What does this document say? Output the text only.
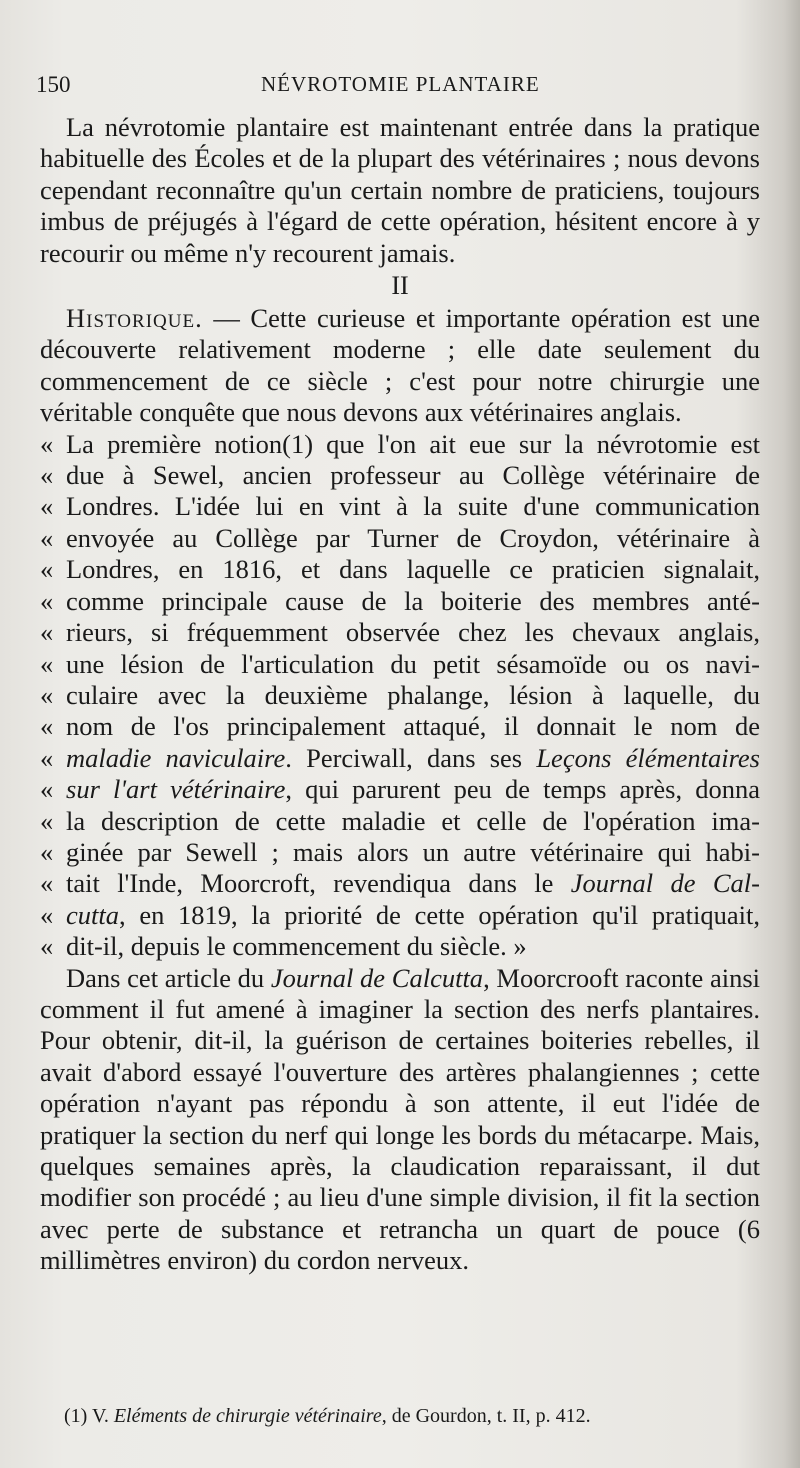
150	NÉVROTOMIE PLANTAIRE

La névrotomie plantaire est maintenant entrée dans la pratique habituelle des Écoles et de la plupart des vétérinaires ; nous devons cependant reconnaître qu'un certain nombre de praticiens, toujours imbus de préjugés à l'égard de cette opération, hésitent encore à y recourir ou même n'y recourent jamais.

II

Historique. — Cette curieuse et importante opération est une découverte relativement moderne ; elle date seulement du commencement de ce siècle ; c'est pour notre chirurgie une véritable conquête que nous devons aux vétérinaires anglais.

« La première notion(1) que l'on ait eue sur la névrotomie est
« due à Sewel, ancien professeur au Collège vétérinaire de
« Londres. L'idée lui en vint à la suite d'une communication
« envoyée au Collège par Turner de Croydon, vétérinaire à
« Londres, en 1816, et dans laquelle ce praticien signalait,
« comme principale cause de la boiterie des membres anté-
« rieurs, si fréquemment observée chez les chevaux anglais,
« une lésion de l'articulation du petit sésamoïde ou os navi-
« culaire avec la deuxième phalange, lésion à laquelle, du
« nom de l'os principalement attaqué, il donnait le nom de
« maladie naviculaire. Perciwall, dans ses Leçons élémentaires
« sur l'art vétérinaire, qui parurent peu de temps après, donna
« la description de cette maladie et celle de l'opération ima-
« ginée par Sewell ; mais alors un autre vétérinaire qui habi-
« tait l'Inde, Moorcroft, revendiqua dans le Journal de Cal-
« cutta, en 1819, la priorité de cette opération qu'il pratiquait,
« dit-il, depuis le commencement du siècle. »

Dans cet article du Journal de Calcutta, Moorcrooft raconte ainsi comment il fut amené à imaginer la section des nerfs plantaires. Pour obtenir, dit-il, la guérison de certaines boiteries rebelles, il avait d'abord essayé l'ouverture des artères phalangiennes ; cette opération n'ayant pas répondu à son attente, il eut l'idée de pratiquer la section du nerf qui longe les bords du métacarpe. Mais, quelques semaines après, la claudication reparaissant, il dut modifier son procédé ; au lieu d'une simple division, il fit la section avec perte de substance et retrancha un quart de pouce (6 millimètres environ) du cordon nerveux.

(1) V. Eléments de chirurgie vétérinaire, de Gourdon, t. II, p. 412.
